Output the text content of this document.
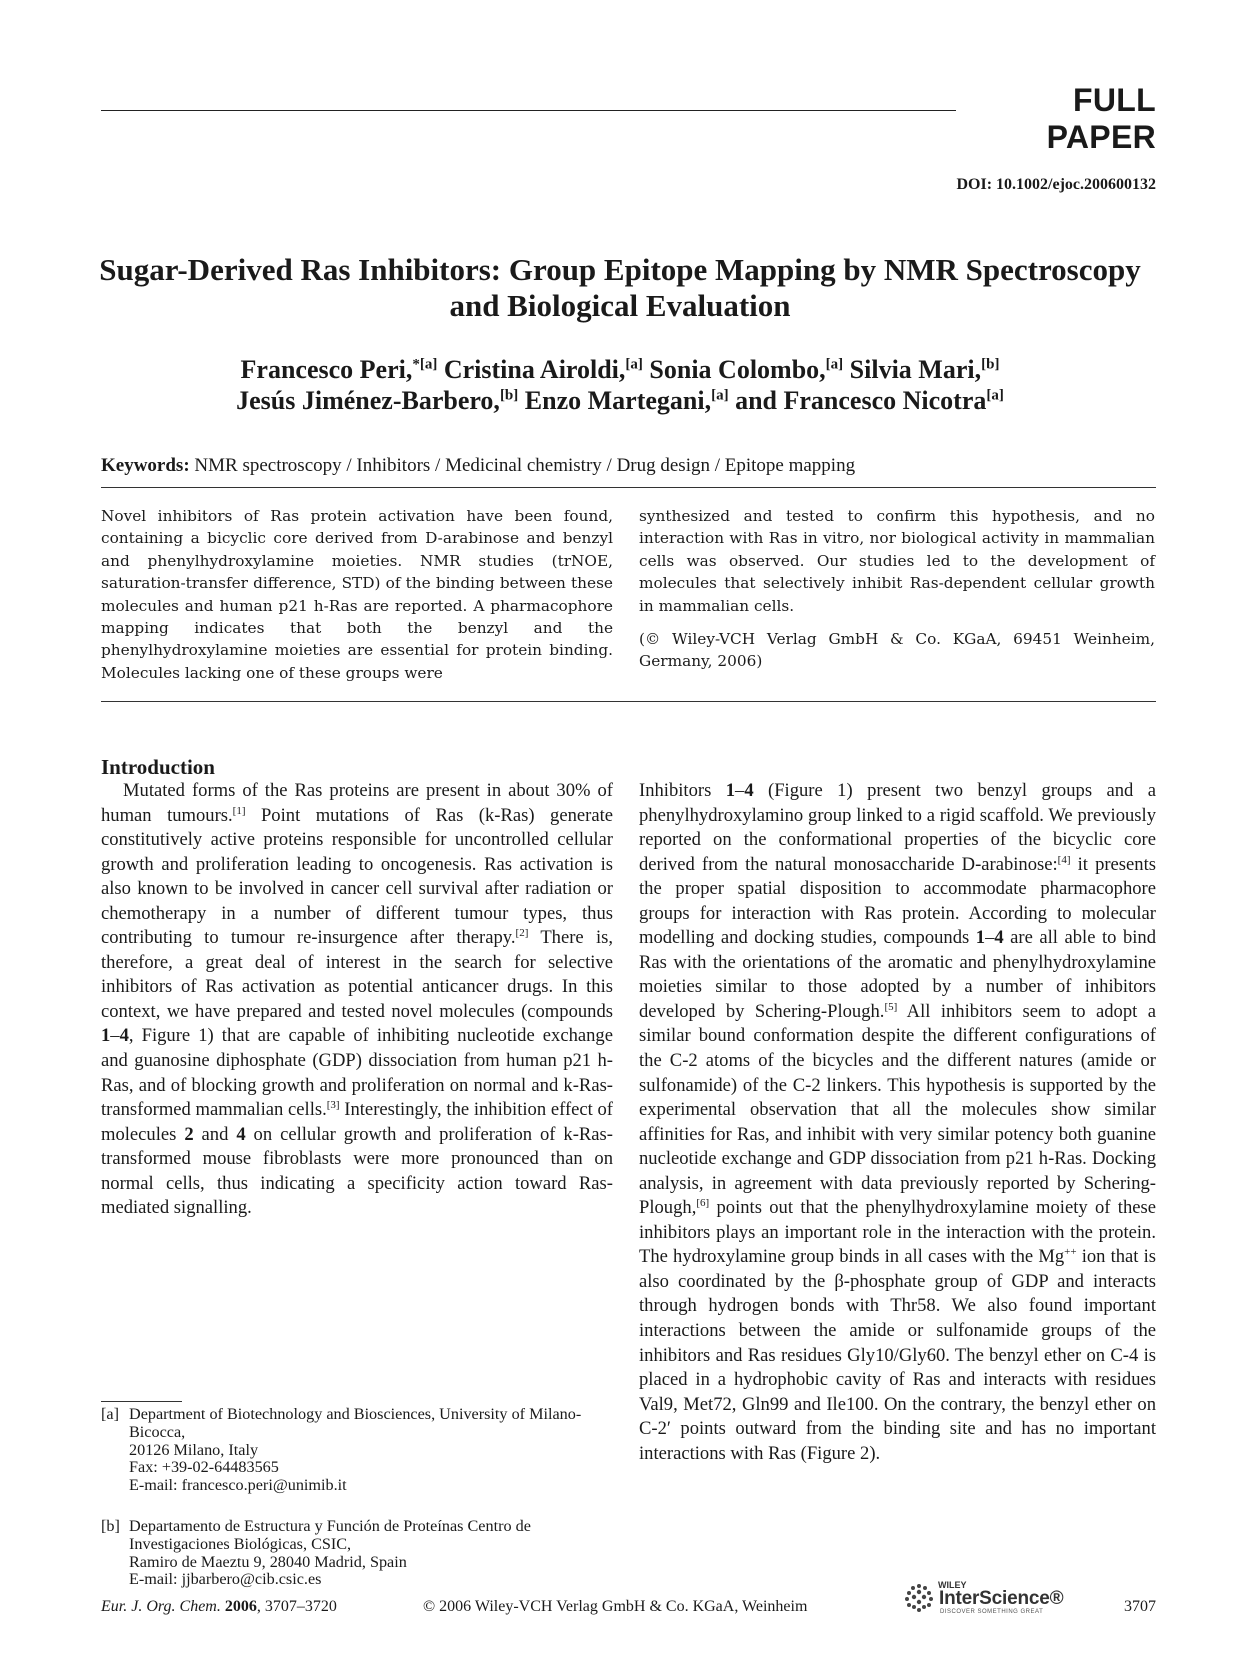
FULL PAPER
DOI: 10.1002/ejoc.200600132
Sugar-Derived Ras Inhibitors: Group Epitope Mapping by NMR Spectroscopy and Biological Evaluation
Francesco Peri,$^{*[a]}$ Cristina Airoldi,[a] Sonia Colombo,[a] Silvia Mari,[b]
Jesús Jiménez-Barbero,[b] Enzo Martegani,[a] and Francesco Nicotra[a]
Keywords: NMR spectroscopy / Inhibitors / Medicinal chemistry / Drug design / Epitope mapping
Novel inhibitors of Ras protein activation have been found, containing a bicyclic core derived from D-arabinose and benzyl and phenylhydroxylamine moieties. NMR studies (trNOE, saturation-transfer difference, STD) of the binding between these molecules and human p21 h-Ras are reported. A pharmacophore mapping indicates that both the benzyl and the phenylhydroxylamine moieties are essential for protein binding. Molecules lacking one of these groups were

synthesized and tested to confirm this hypothesis, and no interaction with Ras in vitro, nor biological activity in mammalian cells was observed. Our studies led to the development of molecules that selectively inhibit Ras-dependent cellular growth in mammalian cells.

(© Wiley-VCH Verlag GmbH & Co. KGaA, 69451 Weinheim, Germany, 2006)

Introduction
Mutated forms of the Ras proteins are present in about 30% of human tumours.[1] Point mutations of Ras (k-Ras) generate constitutively active proteins responsible for uncontrolled cellular growth and proliferation leading to oncogenesis. Ras activation is also known to be involved in cancer cell survival after radiation or chemotherapy in a number of different tumour types, thus contributing to tumour re-insurgence after therapy.[2] There is, therefore, a great deal of interest in the search for selective inhibitors of Ras activation as potential anticancer drugs. In this context, we have prepared and tested novel molecules (compounds 1–4, Figure 1) that are capable of inhibiting nucleotide exchange and guanosine diphosphate (GDP) dissociation from human p21 h-Ras, and of blocking growth and proliferation on normal and k-Ras-transformed mammalian cells.[3] Interestingly, the inhibition effect of molecules 2 and 4 on cellular growth and proliferation of k-Ras-transformed mouse fibroblasts were more pronounced than on normal cells, thus indicating a specificity action toward Ras-mediated signalling.
Inhibitors 1–4 (Figure 1) present two benzyl groups and a phenylhydroxylamino group linked to a rigid scaffold. We previously reported on the conformational properties of the bicyclic core derived from the natural monosaccharide D-arabinose:[4] it presents the proper spatial disposition to accommodate pharmacophore groups for interaction with Ras protein. According to molecular modelling and docking studies, compounds 1–4 are all able to bind Ras with the orientations of the aromatic and phenylhydroxylamine moieties similar to those adopted by a number of inhibitors developed by Schering-Plough.[5] All inhibitors seem to adopt a similar bound conformation despite the different configurations of the C-2 atoms of the bicycles and the different natures (amide or sulfonamide) of the C-2 linkers. This hypothesis is supported by the experimental observation that all the molecules show similar affinities for Ras, and inhibit with very similar potency both guanine nucleotide exchange and GDP dissociation from p21 h-Ras. Docking analysis, in agreement with data previously reported by Schering-Plough,[6] points out that the phenylhydroxylamine moiety of these inhibitors plays an important role in the interaction with the protein. The hydroxylamine group binds in all cases with the Mg++ ion that is also coordinated by the β-phosphate group of GDP and interacts through hydrogen bonds with Thr58. We also found important interactions between the amide or sulfonamide groups of the inhibitors and Ras residues Gly10/Gly60. The benzyl ether on C-4 is placed in a hydrophobic cavity of Ras and interacts with residues Val9, Met72, Gln99 and Ile100. On the contrary, the benzyl ether on C-2′ points outward from the binding site and has no important interactions with Ras (Figure 2).
[a] Department of Biotechnology and Biosciences, University of Milano-Bicocca,
20126 Milano, Italy
Fax: +39-02-64483565
E-mail: francesco.peri@unimib.it
[b] Departamento de Estructura y Función de Proteínas Centro de Investigaciones Biológicas, CSIC,
Ramiro de Maeztu 9, 28040 Madrid, Spain
E-mail: jjbarbero@cib.csic.es
Eur. J. Org. Chem. 2006, 3707–3720	© 2006 Wiley-VCH Verlag GmbH & Co. KGaA, Weinheim
WILEY
InterScience®
DISCOVER SOMETHING GREAT	3707
